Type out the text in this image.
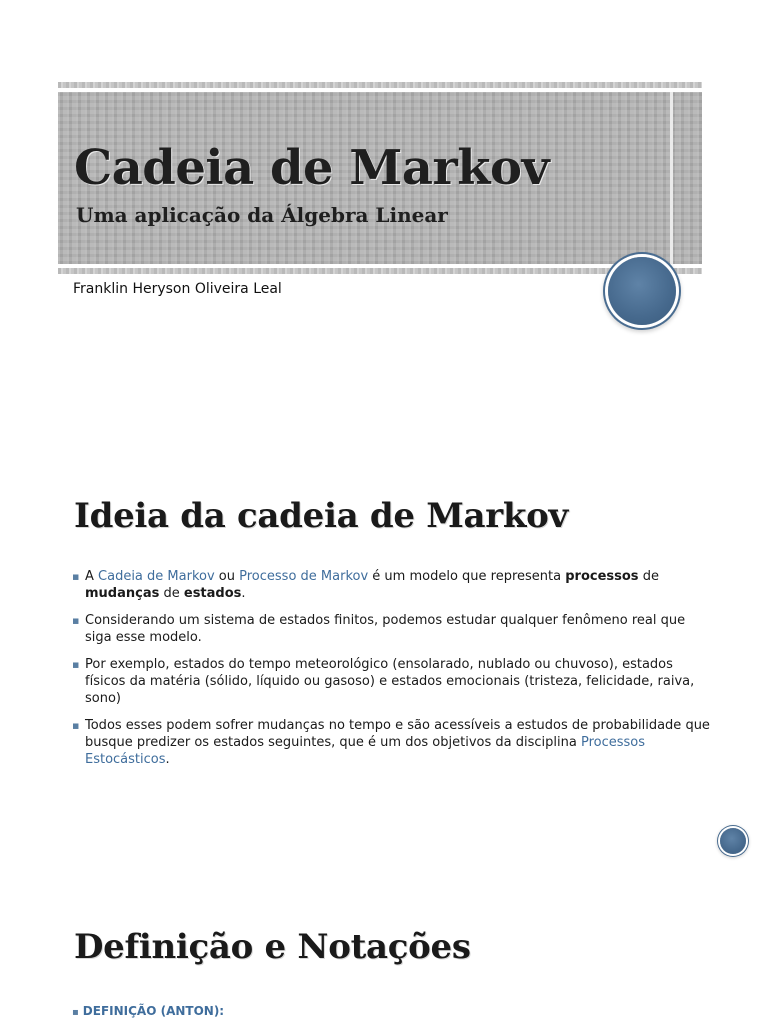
Cadeia de Markov
Uma aplicação da Álgebra Linear
Franklin Heryson Oliveira Leal
Ideia da cadeia de Markov
▪ A Cadeia de Markov ou Processo de Markov é um modelo que representa processos de mudanças de estados.
▪ Considerando um sistema de estados finitos, podemos estudar qualquer fenômeno real que siga esse modelo.
▪ Por exemplo, estados do tempo meteorológico (ensolarado, nublado ou chuvoso), estados físicos da matéria (sólido, líquido ou gasoso) e estados emocionais (tristeza, felicidade, raiva, sono)
▪ Todos esses podem sofrer mudanças no tempo e são acessíveis a estudos de probabilidade que busque predizer os estados seguintes, que é um dos objetivos da disciplina Processos Estocásticos.
Definição e Notações
▪ DEFINIÇÃO (ANTON):
